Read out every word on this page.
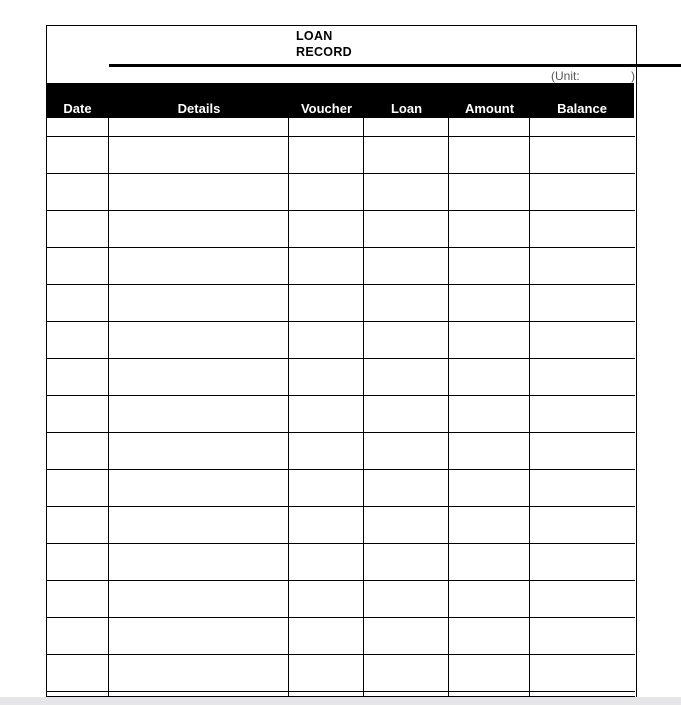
LOAN
RECORD
(Unit:	)
Date	Details	Voucher	Loan	Amount	Balance
